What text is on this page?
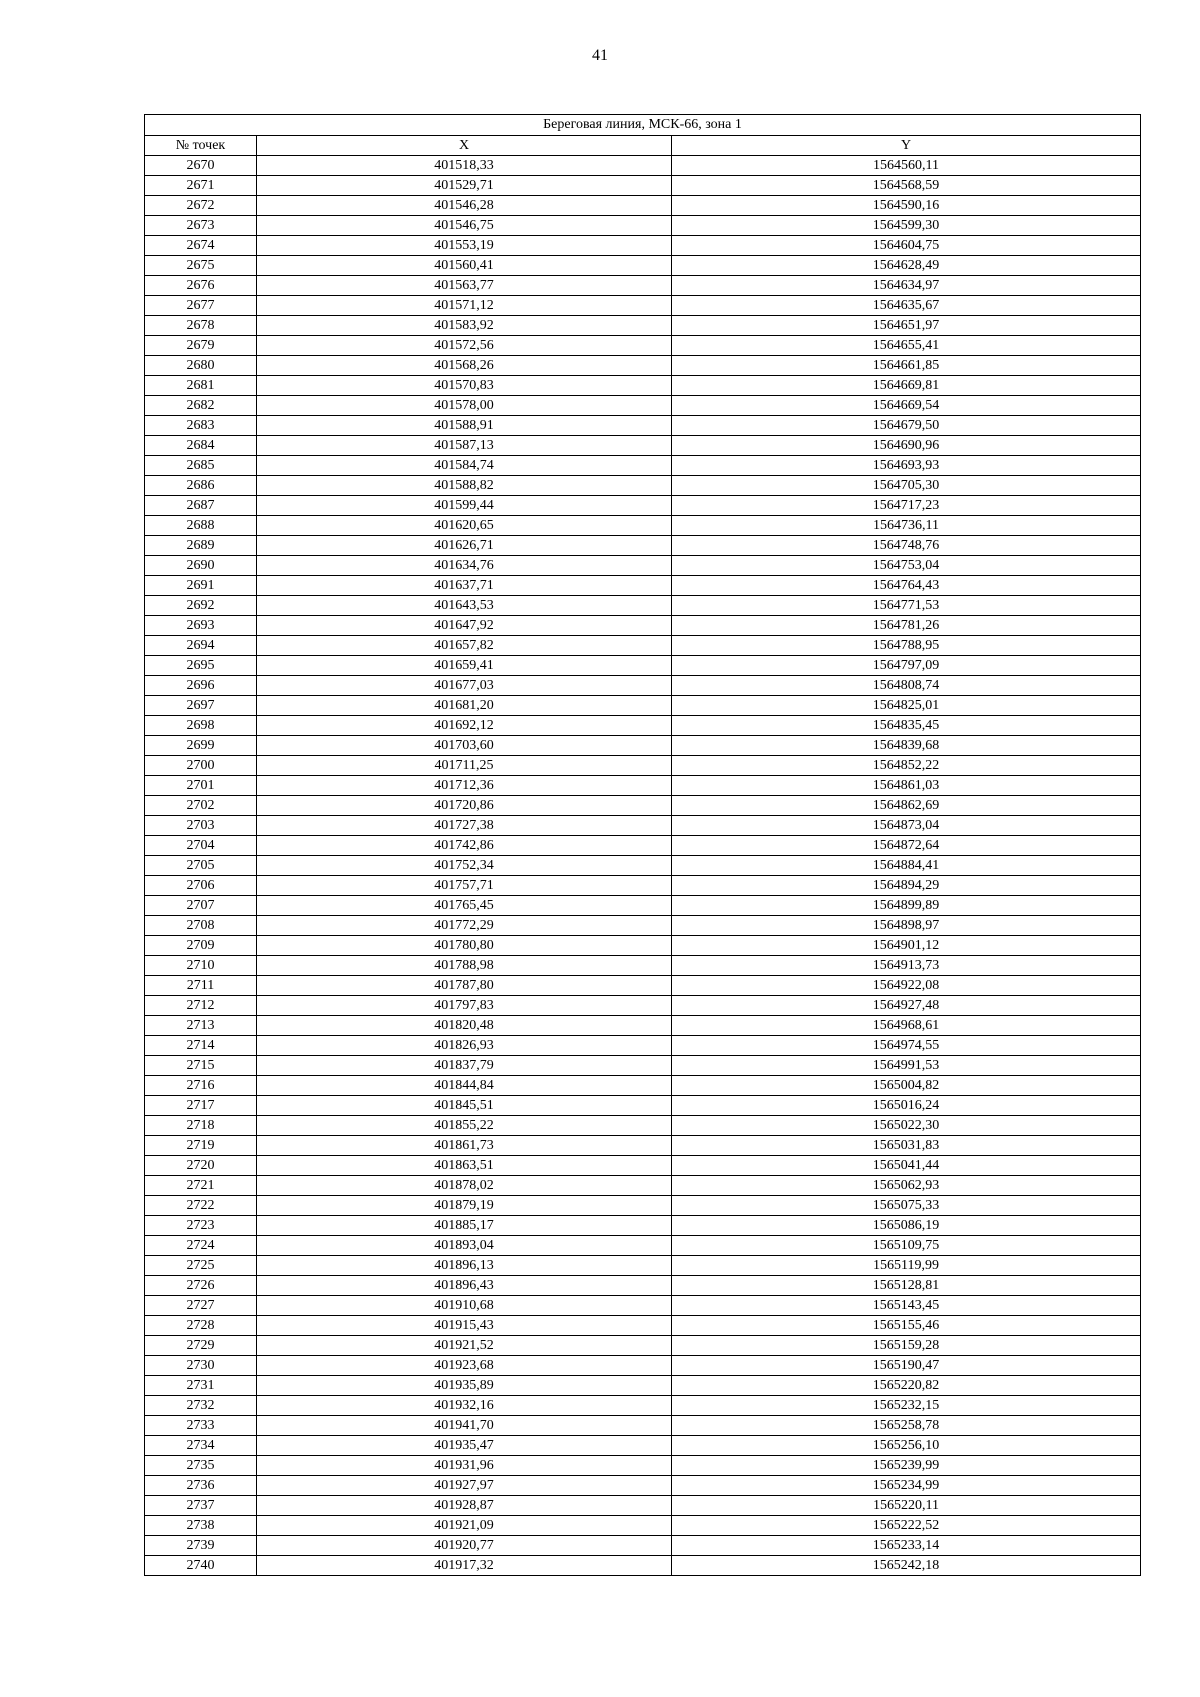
41
Береговая линия, МСК-66, зона 1		
№ точек	X	Y
2670	401518,33	1564560,11
2671	401529,71	1564568,59
2672	401546,28	1564590,16
2673	401546,75	1564599,30
2674	401553,19	1564604,75
2675	401560,41	1564628,49
2676	401563,77	1564634,97
2677	401571,12	1564635,67
2678	401583,92	1564651,97
2679	401572,56	1564655,41
2680	401568,26	1564661,85
2681	401570,83	1564669,81
2682	401578,00	1564669,54
2683	401588,91	1564679,50
2684	401587,13	1564690,96
2685	401584,74	1564693,93
2686	401588,82	1564705,30
2687	401599,44	1564717,23
2688	401620,65	1564736,11
2689	401626,71	1564748,76
2690	401634,76	1564753,04
2691	401637,71	1564764,43
2692	401643,53	1564771,53
2693	401647,92	1564781,26
2694	401657,82	1564788,95
2695	401659,41	1564797,09
2696	401677,03	1564808,74
2697	401681,20	1564825,01
2698	401692,12	1564835,45
2699	401703,60	1564839,68
2700	401711,25	1564852,22
2701	401712,36	1564861,03
2702	401720,86	1564862,69
2703	401727,38	1564873,04
2704	401742,86	1564872,64
2705	401752,34	1564884,41
2706	401757,71	1564894,29
2707	401765,45	1564899,89
2708	401772,29	1564898,97
2709	401780,80	1564901,12
2710	401788,98	1564913,73
2711	401787,80	1564922,08
2712	401797,83	1564927,48
2713	401820,48	1564968,61
2714	401826,93	1564974,55
2715	401837,79	1564991,53
2716	401844,84	1565004,82
2717	401845,51	1565016,24
2718	401855,22	1565022,30
2719	401861,73	1565031,83
2720	401863,51	1565041,44
2721	401878,02	1565062,93
2722	401879,19	1565075,33
2723	401885,17	1565086,19
2724	401893,04	1565109,75
2725	401896,13	1565119,99
2726	401896,43	1565128,81
2727	401910,68	1565143,45
2728	401915,43	1565155,46
2729	401921,52	1565159,28
2730	401923,68	1565190,47
2731	401935,89	1565220,82
2732	401932,16	1565232,15
2733	401941,70	1565258,78
2734	401935,47	1565256,10
2735	401931,96	1565239,99
2736	401927,97	1565234,99
2737	401928,87	1565220,11
2738	401921,09	1565222,52
2739	401920,77	1565233,14
2740	401917,32	1565242,18
